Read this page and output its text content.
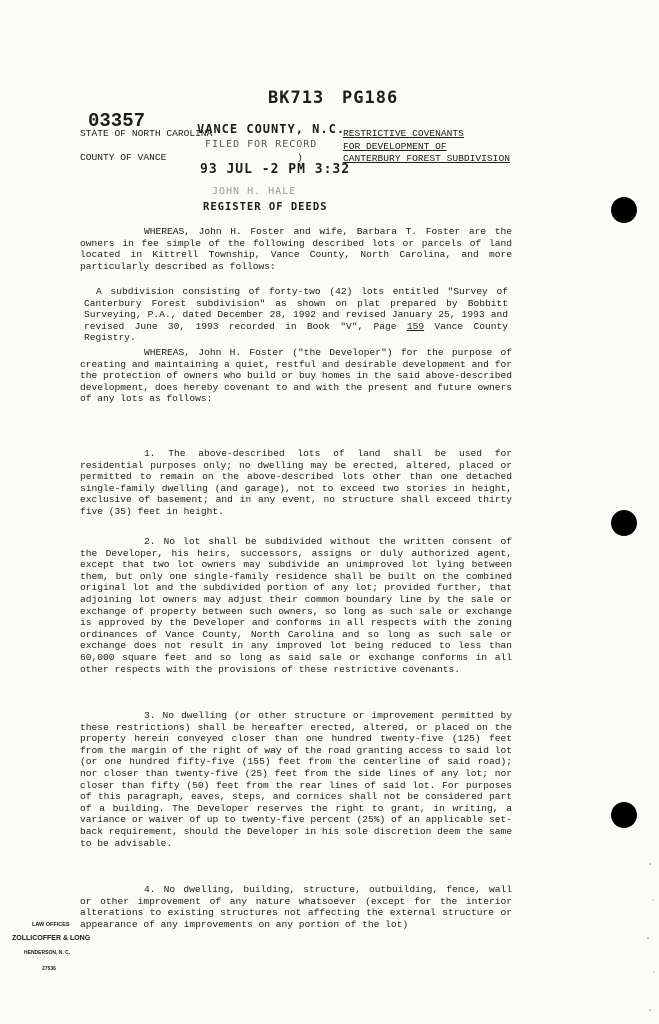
BK713 PG186
03357
STATE OF NORTH CAROLINA
COUNTY OF VANCE	)
VANCE COUNTY, N.C.
FILED FOR RECORD
93 JUL -2 PM 3:32
JOHN H. HALE
REGISTER OF DEEDS
RESTRICTIVE COVENANTS
FOR DEVELOPMENT OF
CANTERBURY FOREST SUBDIVISION
WHEREAS, John H. Foster and wife, Barbara T. Foster are the owners in fee simple of the following described lots or parcels of land located in Kittrell Township, Vance County, North Carolina, and more particularly described as follows:
A subdivision consisting of forty-two (42) lots entitled "Survey of Canterbury Forest subdivision" as shown on plat prepared by Bobbitt Surveying, P.A., dated December 28, 1992 and revised January 25, 1993 and revised June 30, 1993 recorded in Book "V", Page 159 Vance County Registry.
WHEREAS, John H. Foster ("the Developer") for the purpose of creating and maintaining a quiet, restful and desirable development and for the protection of owners who build or buy homes in the said above-described development, does hereby covenant to and with the present and future owners of any lots as follows:
1. The above-described lots of land shall be used for residential purposes only; no dwelling may be erected, altered, placed or permitted to remain on the above-described lots other than one detached single-family dwelling (and garage), not to exceed two stories in height, exclusive of basement; and in any event, no structure shall exceed thirty five (35) feet in height.
2. No lot shall be subdivided without the written consent of the Developer, his heirs, successors, assigns or duly authorized agent, except that two lot owners may subdivide an unimproved lot lying between them, but only one single-family residence shall be built on the combined original lot and the subdivided portion of any lot; provided further, that adjoining lot owners may adjust their common boundary line by the sale or exchange of property between such owners, so long as such sale or exchange is approved by the Developer and conforms in all respects with the zoning ordinances of Vance County, North Carolina and so long as such sale or exchange does not result in any improved lot being reduced to less than 60,000 square feet and so long as said sale or exchange conforms in all other respects with the provisions of these restrictive covenants.
3. No dwelling (or other structure or improvement permitted by these restrictions) shall be hereafter erected, altered, or placed on the property herein conveyed closer than one hundred twenty-five (125) feet from the margin of the right of way of the road granting access to said lot (or one hundred fifty-five (155) feet from the centerline of said road); nor closer than twenty-five (25) feet from the side lines of any lot; nor closer than fifty (50) feet from the rear lines of said lot. For purposes of this paragraph, eaves, steps, and cornices shall not be considered part of a building. The Developer reserves the right to grant, in writing, a variance or waiver of up to twenty-five percent (25%) of an applicable set-back requirement, should the Developer in his sole discretion deem the same to be advisable.
4. No dwelling, building, structure, outbuilding, fence, wall or other improvement of any nature whatsoever (except for the interior alterations to existing structures not affecting the external structure or appearance of any improvements on any portion of the lot)
LAW OFFICES
ZOLLICOFFER & LONG
HENDERSON, N. C.
27536
